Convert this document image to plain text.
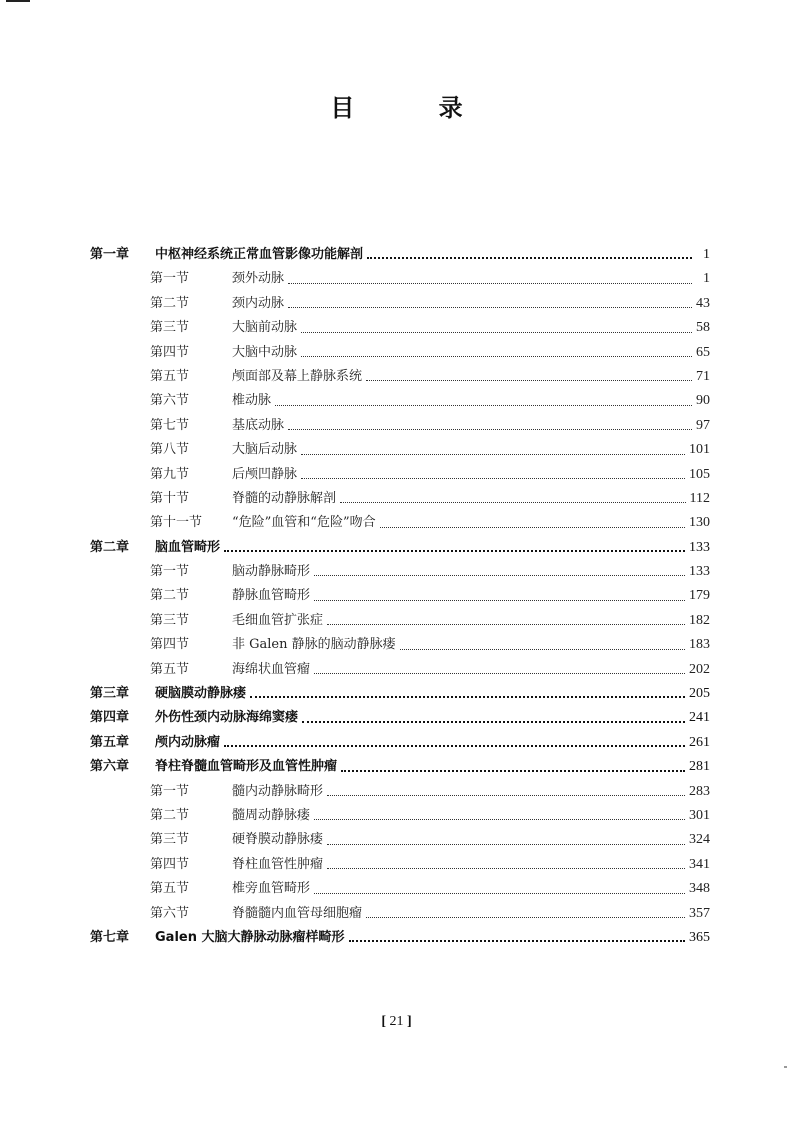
目 录
第一章	中枢神经系统正常血管影像功能解剖	1
第一节	颈外动脉	1
第二节	颈内动脉	43
第三节	大脑前动脉	58
第四节	大脑中动脉	65
第五节	颅面部及幕上静脉系统	71
第六节	椎动脉	90
第七节	基底动脉	97
第八节	大脑后动脉	101
第九节	后颅凹静脉	105
第十节	脊髓的动静脉解剖	112
第十一节	“危险”血管和“危险”吻合	130
第二章	脑血管畸形	133
第一节	脑动静脉畸形	133
第二节	静脉血管畸形	179
第三节	毛细血管扩张症	182
第四节	非 Galen 静脉的脑动静脉瘘	183
第五节	海绵状血管瘤	202
第三章	硬脑膜动静脉瘘	205
第四章	外伤性颈内动脉海绵窦瘘	241
第五章	颅内动脉瘤	261
第六章	脊柱脊髓血管畸形及血管性肿瘤	281
第一节	髓内动静脉畸形	283
第二节	髓周动静脉瘘	301
第三节	硬脊膜动静脉瘘	324
第四节	脊柱血管性肿瘤	341
第五节	椎旁血管畸形	348
第六节	脊髓髓内血管母细胞瘤	357
第七章	Galen 大脑大静脉动脉瘤样畸形	365
[ 21 ]
